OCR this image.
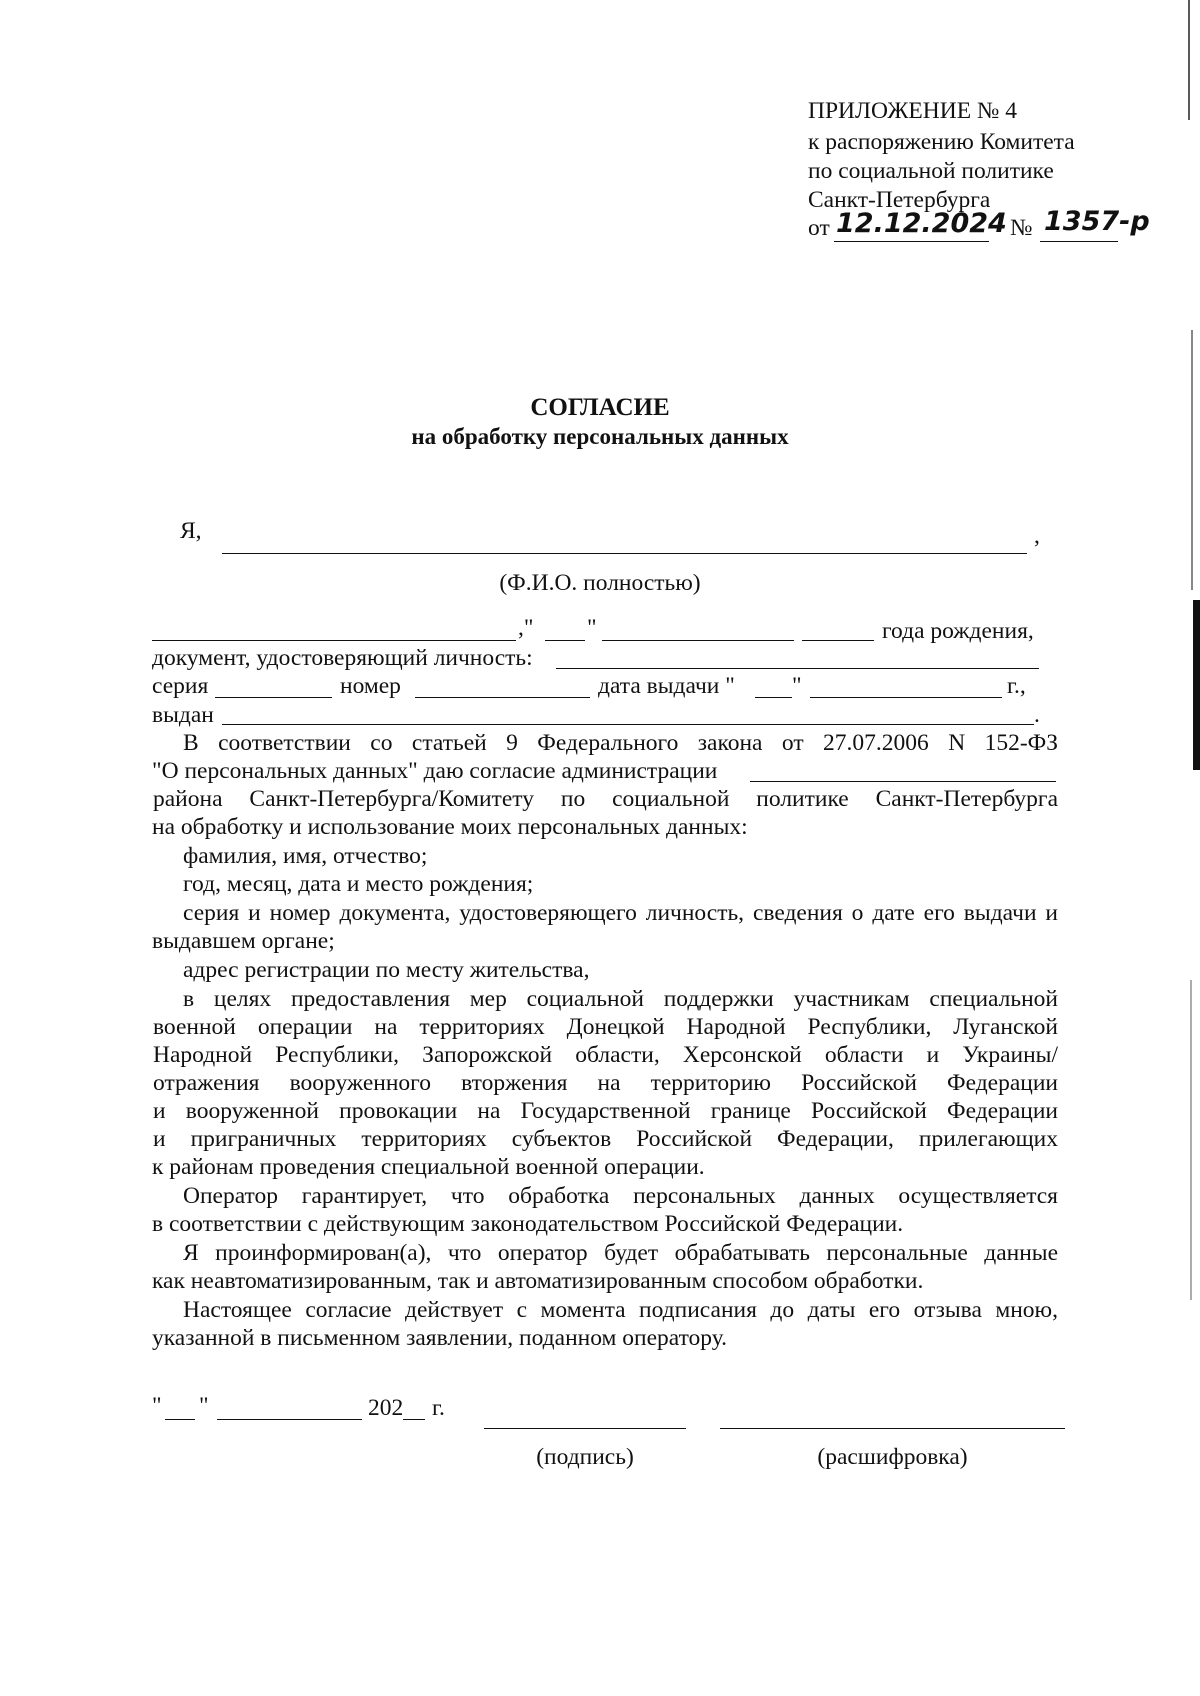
ПРИЛОЖЕНИЕ № 4
к распоряжению Комитета
по социальной политике
Санкт-Петербурга
от 12.12.2024 № 1357-р
СОГЛАСИЕ
на обработку персональных данных
Я,	,
(Ф.И.О. полностью)
," "	года рождения,
документ, удостоверяющий личность:
серия	номер	дата выдачи " "	г.,
выдан	.
В соответствии со статьей 9 Федерального закона от 27.07.2006 N 152-ФЗ
"О персональных данных" даю согласие администрации
района Санкт-Петербурга/Комитету по социальной политике Санкт-Петербурга
на обработку и использование моих персональных данных:
фамилия, имя, отчество;
год, месяц, дата и место рождения;
серия и номер документа, удостоверяющего личность, сведения о дате его выдачи и
выдавшем органе;
адрес регистрации по месту жительства,
в целях предоставления мер социальной поддержки участникам специальной
военной операции на территориях Донецкой Народной Республики, Луганской
Народной Республики, Запорожской области, Херсонской области и Украины/
отражения вооруженного вторжения на территорию Российской Федерации
и вооруженной провокации на Государственной границе Российской Федерации
и приграничных территориях субъектов Российской Федерации, прилегающих
к районам проведения специальной военной операции.
Оператор гарантирует, что обработка персональных данных осуществляется
в соответствии с действующим законодательством Российской Федерации.
Я проинформирован(а), что оператор будет обрабатывать персональные данные
как неавтоматизированным, так и автоматизированным способом обработки.
Настоящее согласие действует с момента подписания до даты его отзыва мною,
указанной в письменном заявлении, поданном оператору.
" "	202 г.
(подпись)	(расшифровка)
